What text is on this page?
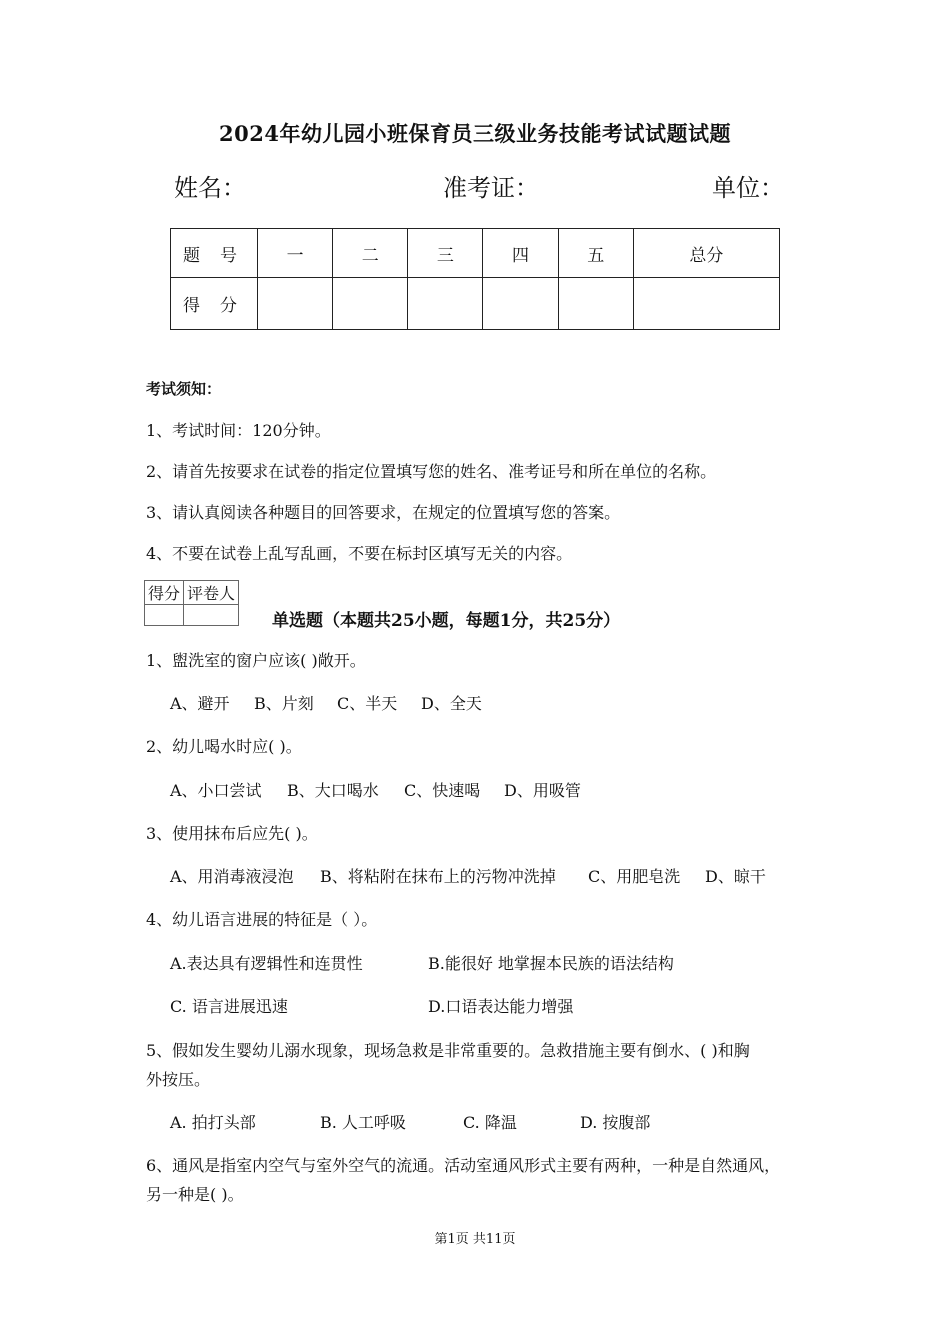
2024年幼儿园小班保育员三级业务技能考试试题试题
姓名：	准考证：	单位：
题号	一	二	三	四	五	总分
得分						
考试须知：
1、考试时间：120分钟。
2、请首先按要求在试卷的指定位置填写您的姓名、准考证号和所在单位的名称。
3、请认真阅读各种题目的回答要求，在规定的位置填写您的答案。
4、不要在试卷上乱写乱画，不要在标封区填写无关的内容。
得分	评卷人

单选题（本题共25小题，每题1分，共25分）
1、盥洗室的窗户应该( )敞开。
A、避开 B、片刻 C、半天 D、全天
2、幼儿喝水时应( )。
A、小口尝试 B、大口喝水 C、快速喝 D、用吸管
3、使用抹布后应先( )。
A、用消毒液浸泡 B、将粘附在抹布上的污物冲洗掉 C、用肥皂洗 D、晾干
4、幼儿语言进展的特征是（ ）。
A.表达具有逻辑性和连贯性	B.能很好 地掌握本民族的语法结构
C. 语言进展迅速	D.口语表达能力增强
5、假如发生婴幼儿溺水现象，现场急救是非常重要的。急救措施主要有倒水、( )和胸
外按压。
A. 拍打头部	B. 人工呼吸	C. 降温	D. 按腹部
6、通风是指室内空气与室外空气的流通。活动室通风形式主要有两种，一种是自然通风，
另一种是( )。
第1页 共11页
